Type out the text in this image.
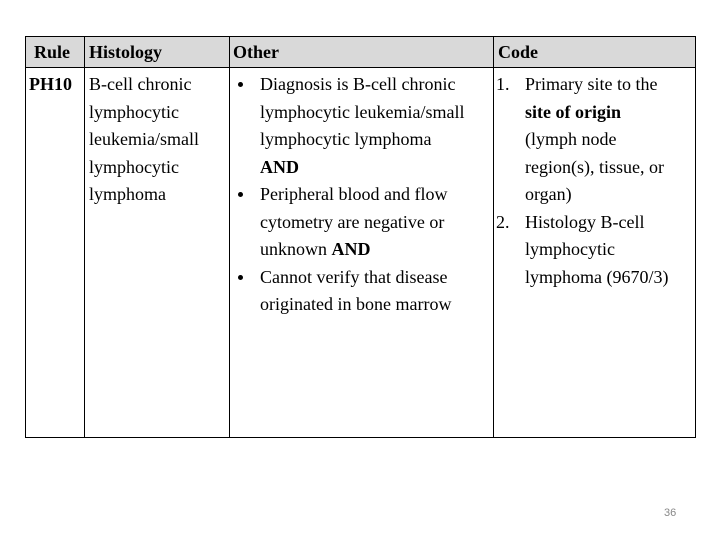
Rule Histology	Other	Code
PH10 B-cell chronic
lymphocytic
leukemia/small
lymphocytic
lymphoma
Diagnosis is B-cell chronic
lymphocytic leukemia/small
lymphocytic lymphoma
AND
Peripheral blood and flow
cytometry are negative or
unknown AND
Cannot verify that disease
originated in bone marrow
1. Primary site to the
site of origin
(lymph node
region(s), tissue, or
organ)
2. Histology B-cell
lymphocytic
lymphoma (9670/3)
36
